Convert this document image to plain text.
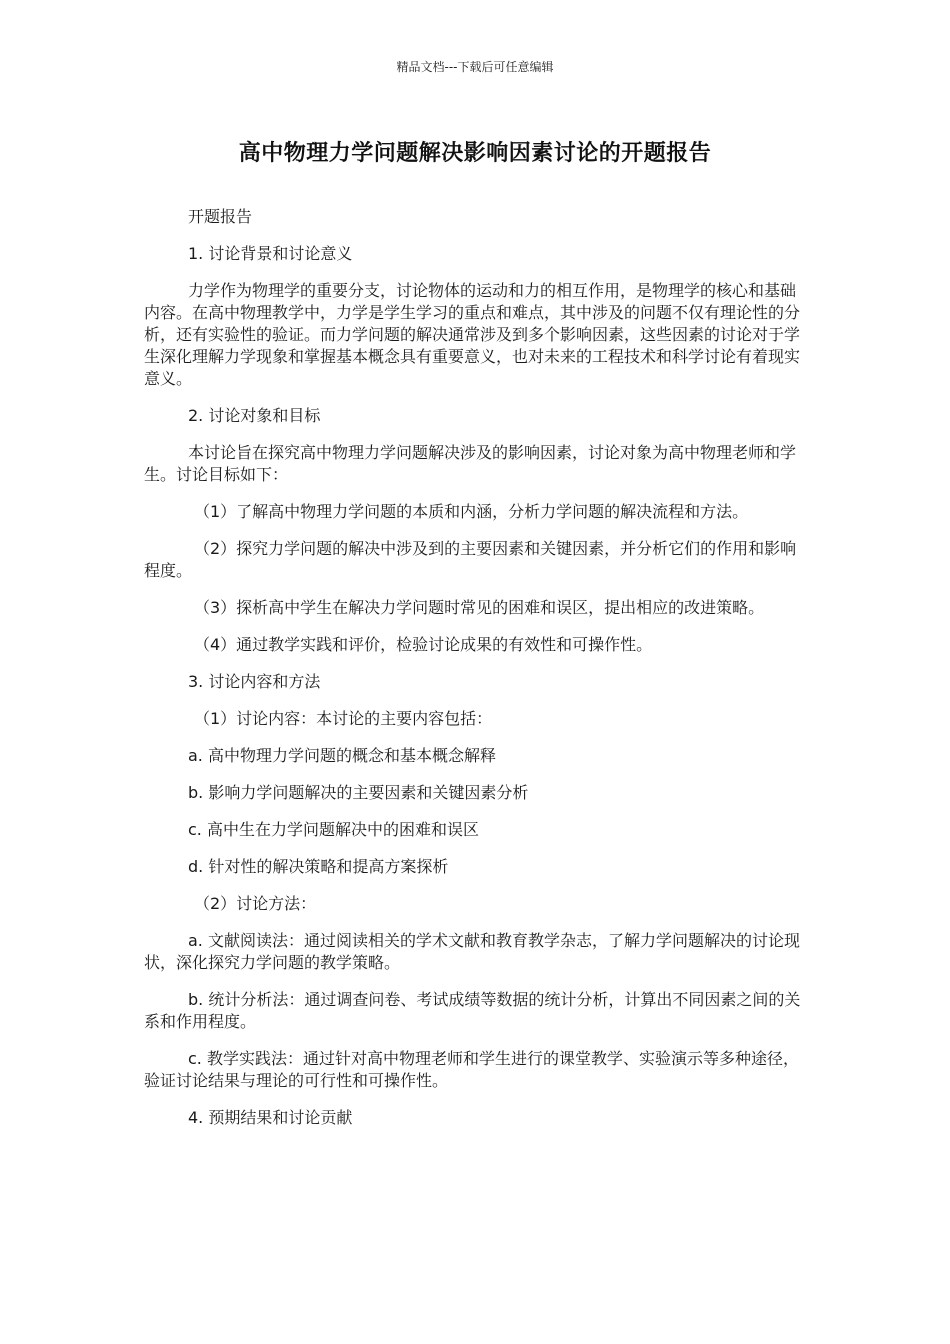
精品文档---下载后可任意编辑
高中物理力学问题解决影响因素讨论的开题报告

开题报告

1. 讨论背景和讨论意义

力学作为物理学的重要分支，讨论物体的运动和力的相互作用，是物理学的核心和基础内容。在高中物理教学中，力学是学生学习的重点和难点，其中涉及的问题不仅有理论性的分析，还有实验性的验证。而力学问题的解决通常涉及到多个影响因素，这些因素的讨论对于学生深化理解力学现象和掌握基本概念具有重要意义，也对未来的工程技术和科学讨论有着现实意义。

2. 讨论对象和目标

本讨论旨在探究高中物理力学问题解决涉及的影响因素，讨论对象为高中物理老师和学生。讨论目标如下：

（1）了解高中物理力学问题的本质和内涵，分析力学问题的解决流程和方法。

（2）探究力学问题的解决中涉及到的主要因素和关键因素，并分析它们的作用和影响程度。

（3）探析高中学生在解决力学问题时常见的困难和误区，提出相应的改进策略。

（4）通过教学实践和评价，检验讨论成果的有效性和可操作性。

3. 讨论内容和方法

（1）讨论内容：本讨论的主要内容包括：

a. 高中物理力学问题的概念和基本概念解释

b. 影响力学问题解决的主要因素和关键因素分析

c. 高中生在力学问题解决中的困难和误区

d. 针对性的解决策略和提高方案探析

（2）讨论方法：

a. 文献阅读法：通过阅读相关的学术文献和教育教学杂志，了解力学问题解决的讨论现状，深化探究力学问题的教学策略。

b. 统计分析法：通过调查问卷、考试成绩等数据的统计分析，计算出不同因素之间的关系和作用程度。

c. 教学实践法：通过针对高中物理老师和学生进行的课堂教学、实验演示等多种途径，验证讨论结果与理论的可行性和可操作性。

4. 预期结果和讨论贡献
